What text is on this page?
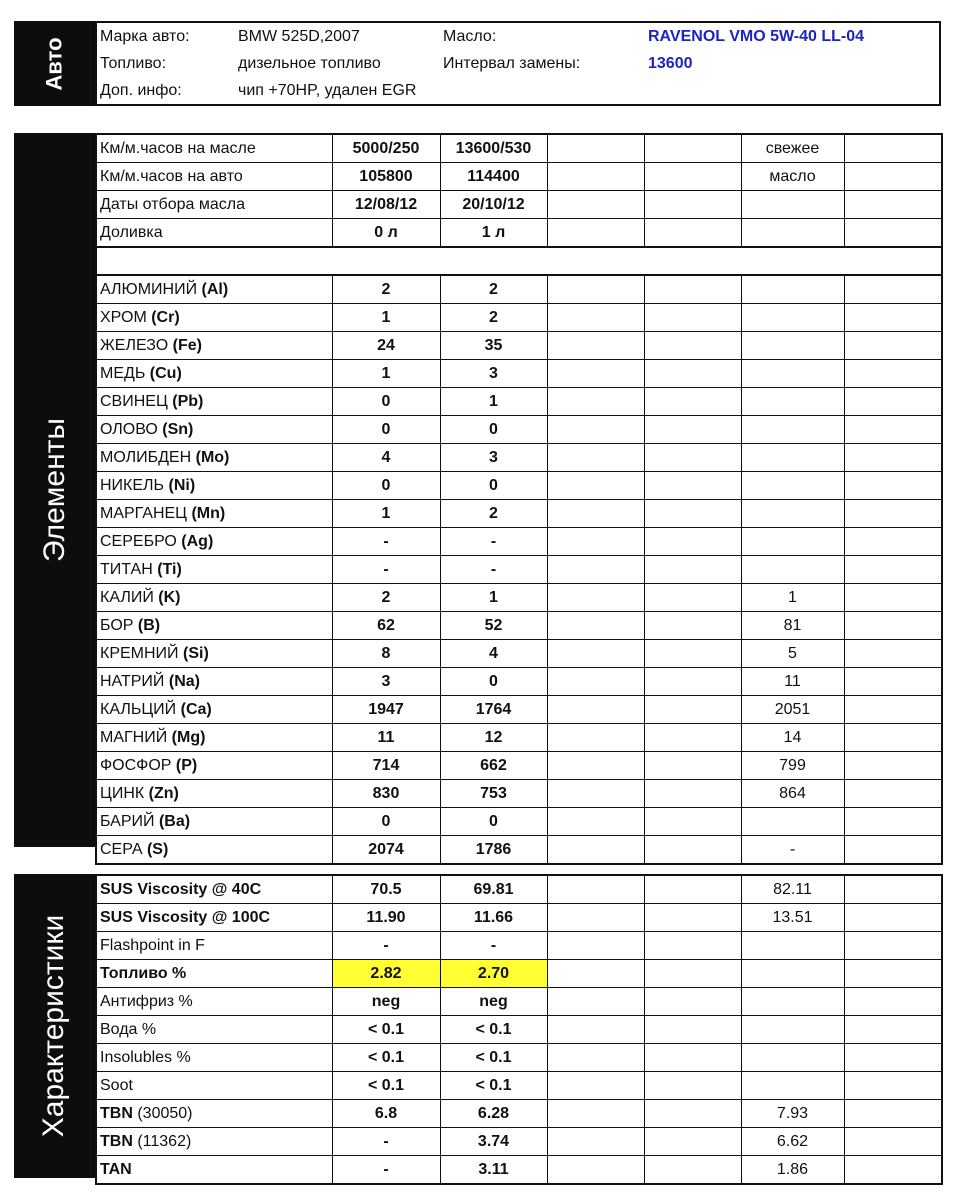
Авто
Марка авто:	BMW 525D,2007
Топливо:	дизельное топливо
Доп. инфо:	чип +70HP, удален EGR
Масло:	RAVENOL VMO 5W-40 LL-04
Интервал замены:	13600
Элементы
Км/м.часов на масле	5000/250	13600/530			свежее	
Км/м.часов на авто	105800	114400			масло	
Даты отбора масла	12/08/12	20/10/12				
Доливка	0 л	1 л				

АЛЮМИНИЙ (Al)	2	2				
ХРОМ (Cr)	1	2				
ЖЕЛЕЗО (Fe)	24	35				
МЕДЬ (Cu)	1	3				
СВИНЕЦ (Pb)	0	1				
ОЛОВО (Sn)	0	0				
МОЛИБДЕН (Mo)	4	3				
НИКЕЛЬ (Ni)	0	0				
МАРГАНЕЦ (Mn)	1	2				
СЕРЕБРО (Ag)	-	-				
ТИТАН (Ti)	-	-				
КАЛИЙ (K)	2	1			1	
БОР (B)	62	52			81	
КРЕМНИЙ (Si)	8	4			5	
НАТРИЙ (Na)	3	0			11	
КАЛЬЦИЙ (Ca)	1947	1764			2051	
МАГНИЙ (Mg)	11	12			14	
ФОСФОР (P)	714	662			799	
ЦИНК (Zn)	830	753			864	
БАРИЙ (Ba)	0	0				
СЕРА (S)	2074	1786			-	
Характеристики
SUS Viscosity @ 40C	70.5	69.81			82.11	
SUS Viscosity @ 100C	11.90	11.66			13.51	
Flashpoint in F	-	-				
Топливо %	2.82	2.70				
Антифриз %	neg	neg				
Вода %	< 0.1	< 0.1				
Insolubles %	< 0.1	< 0.1				
Soot	< 0.1	< 0.1				
TBN (30050)	6.8	6.28			7.93	
TBN (11362)	-	3.74			6.62	
TAN	-	3.11			1.86	
